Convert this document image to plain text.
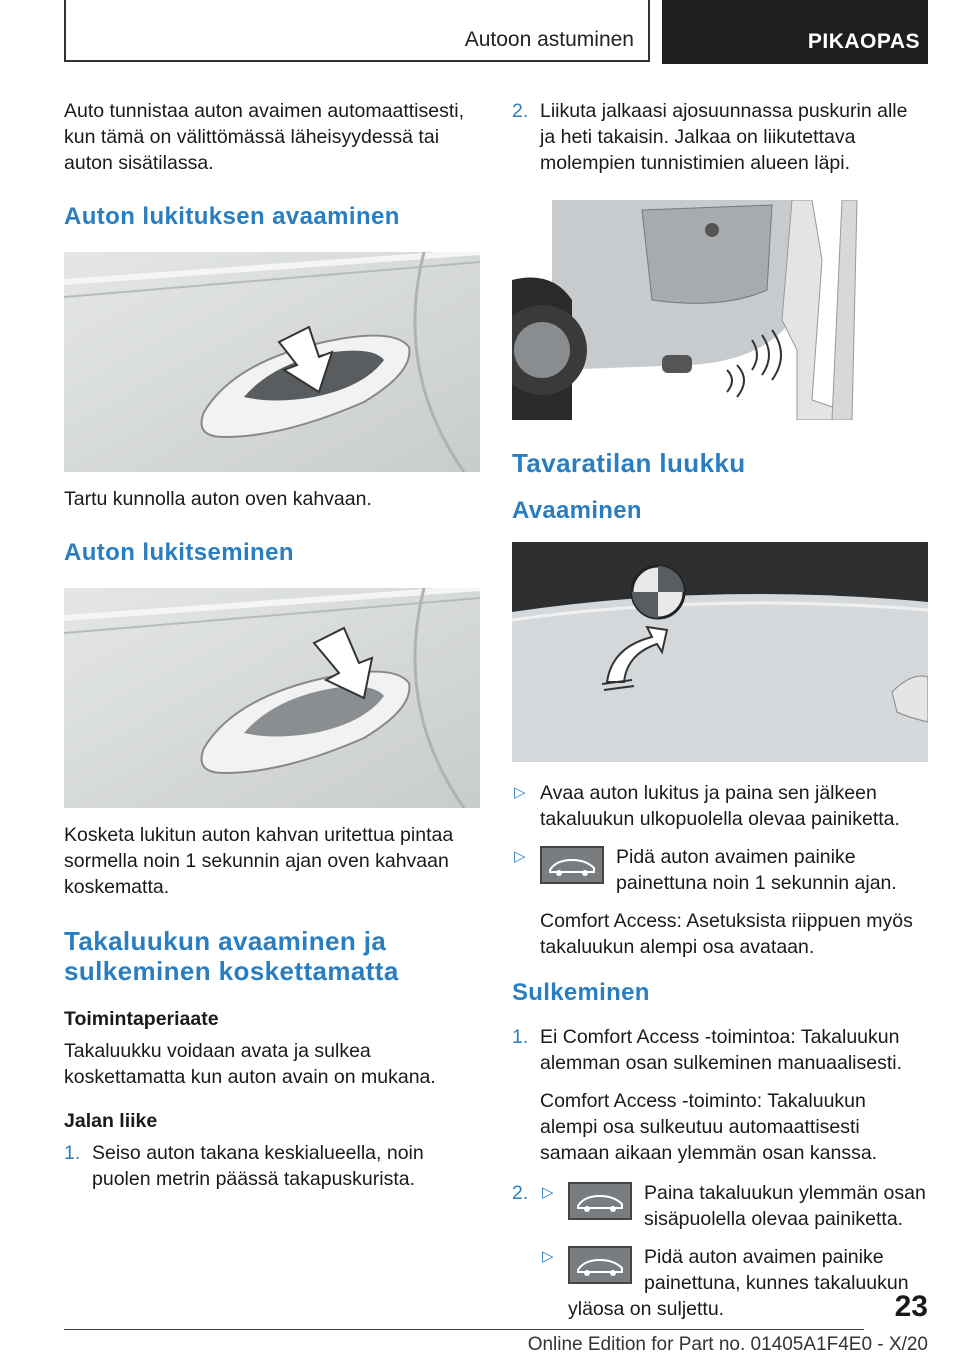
Autoon astuminen	PIKAOPAS

Auto tunnistaa auton avaimen automaattisesti, kun tämä on välittömässä läheisyydessä tai auton sisätilassa.

Auton lukituksen avaaminen

Tartu kunnolla auton oven kahvaan.

Auton lukitseminen

Kosketa lukitun auton kahvan uritettua pintaa sormella noin 1 sekunnin ajan oven kahvaan koskematta.

Takaluukun avaaminen ja sulkeminen koskettamatta
Toimintaperiaate

Takaluukku voidaan avata ja sulkea koskettamatta kun auton avain on mukana.

Jalan liike
1. Seiso auton takana keskialueella, noin puolen metrin päässä takapuskurista.
2. Liikuta jalkaasi ajosuunnassa puskurin alle ja heti takaisin. Jalkaa on liikutettava molempien tunnistimien alueen läpi.
Tavaratilan luukku
Avaaminen
▷ Avaa auton lukitus ja paina sen jälkeen takaluukun ulkopuolella olevaa painiketta.
▷	Pidä auton avaimen painike painettuna noin 1 sekunnin ajan.

Comfort Access: Asetuksista riippuen myös takaluukun alempi osa avataan.

Sulkeminen
1. Ei Comfort Access -toimintoa: Takaluukun alemman osan sulkeminen manuaalisesti.

Comfort Access -toiminto: Takaluukun alempi osa sulkeutuu automaattisesti samaan aikaan ylemmän osan kanssa.

2. ▷	Paina takaluukun ylemmän osan sisäpuolella olevaa painiketta.
▷	Pidä auton avaimen painike painettuna, kunnes takaluukun yläosa on suljettu.	23
Online Edition for Part no. 01405A1F4E0 - X/20
